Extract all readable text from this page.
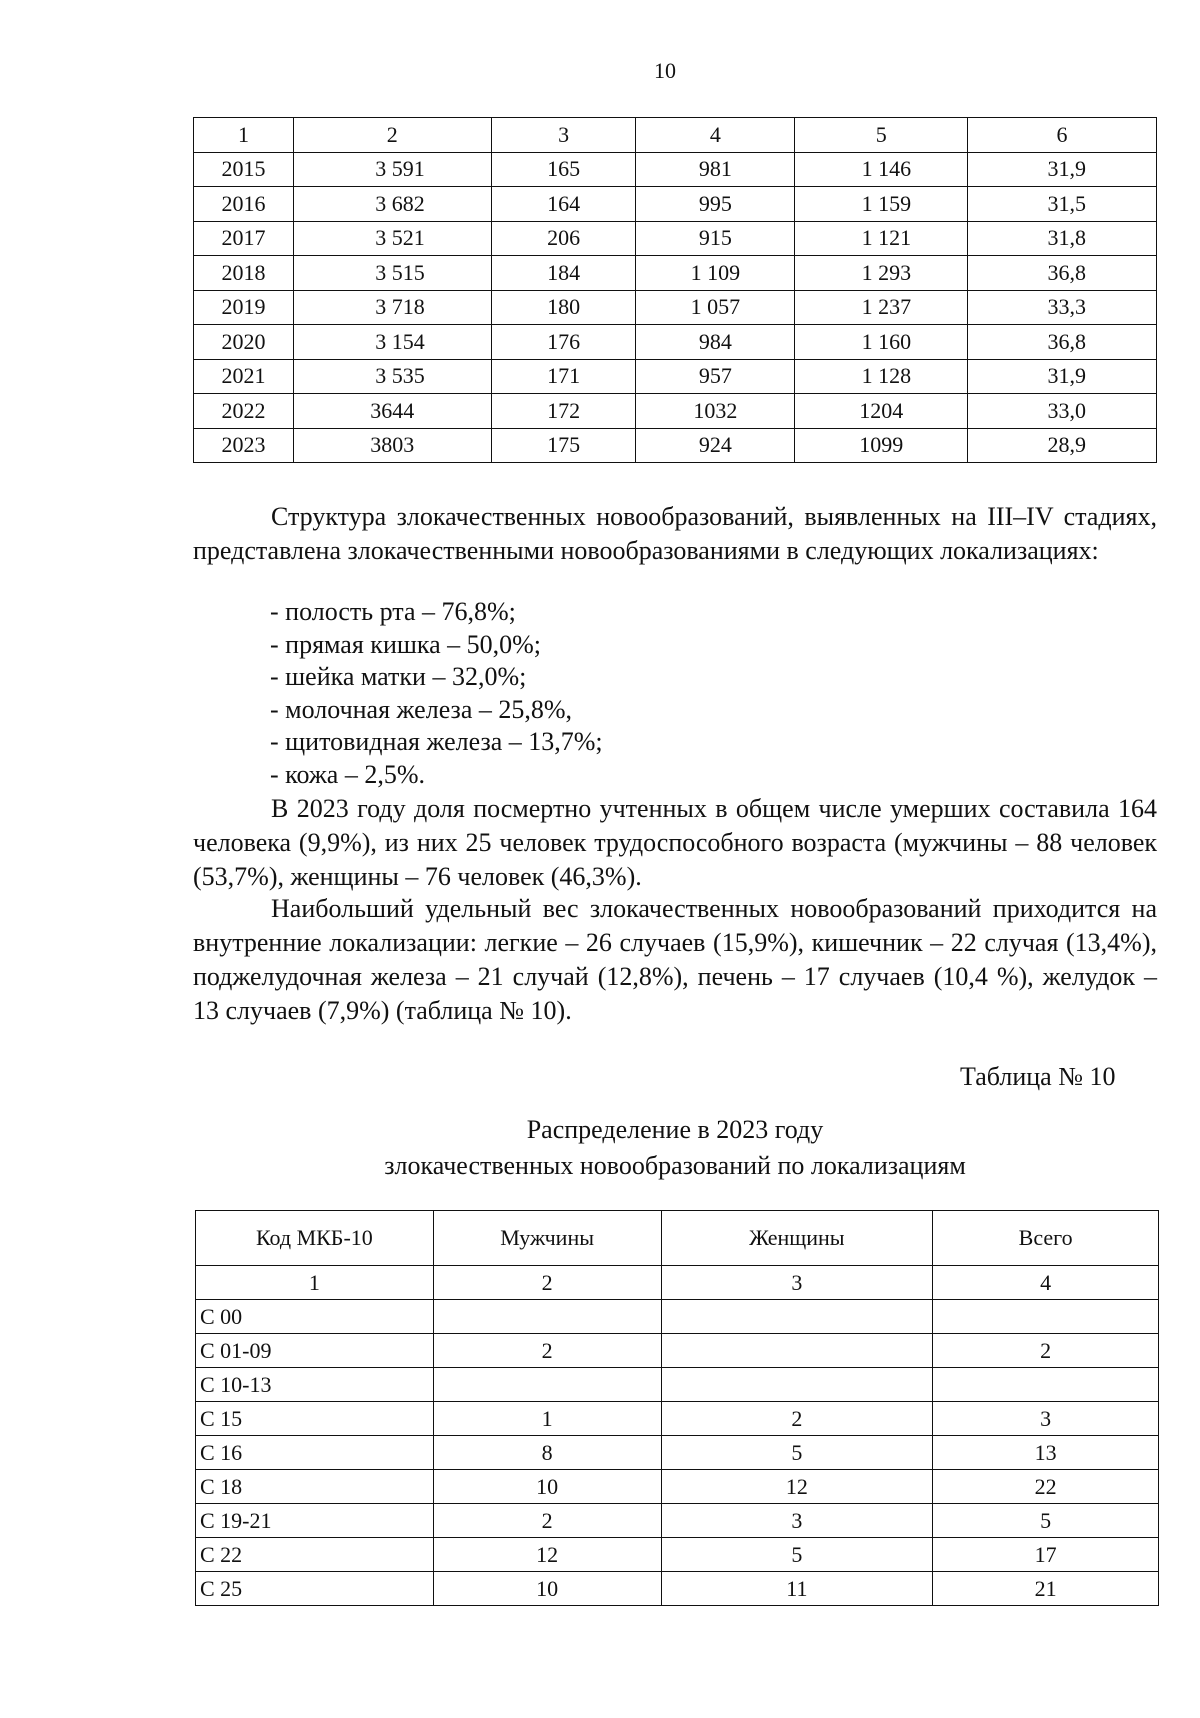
10
1	2	3	4	5	6
2015	3 591	165	981	1 146	31,9
2016	3 682	164	995	1 159	31,5
2017	3 521	206	915	1 121	31,8
2018	3 515	184	1 109	1 293	36,8
2019	3 718	180	1 057	1 237	33,3
2020	3 154	176	984	1 160	36,8
2021	3 535	171	957	1 128	31,9
2022	3644	172	1032	1204	33,0
2023	3803	175	924	1099	28,9
Структура злокачественных новообразований, выявленных на III–IV стадиях, представлена злокачественными новообразованиями в следующих локализациях:
- полость рта – 76,8%;
- прямая кишка – 50,0%;
- шейка матки – 32,0%;
- молочная железа – 25,8%,
- щитовидная железа – 13,7%;
- кожа – 2,5%.
В 2023 году доля посмертно учтенных в общем числе умерших составила 164 человека (9,9%), из них 25 человек трудоспособного возраста (мужчины – 88 человек (53,7%), женщины – 76 человек (46,3%).
Наибольший удельный вес злокачественных новообразований приходится на внутренние локализации: легкие – 26 случаев (15,9%), кишечник – 22 случая (13,4%), поджелудочная железа – 21 случай (12,8%), печень – 17 случаев (10,4 %), желудок – 13 случаев (7,9%) (таблица № 10).
Таблица № 10
Распределение в 2023 году
злокачественных новообразований по локализациям
Код МКБ-10	Мужчины	Женщины	Всего
1	2	3	4
С 00			
С 01-09	2		2
С 10-13			
С 15	1	2	3
С 16	8	5	13
С 18	10	12	22
С 19-21	2	3	5
С 22	12	5	17
С 25	10	11	21
